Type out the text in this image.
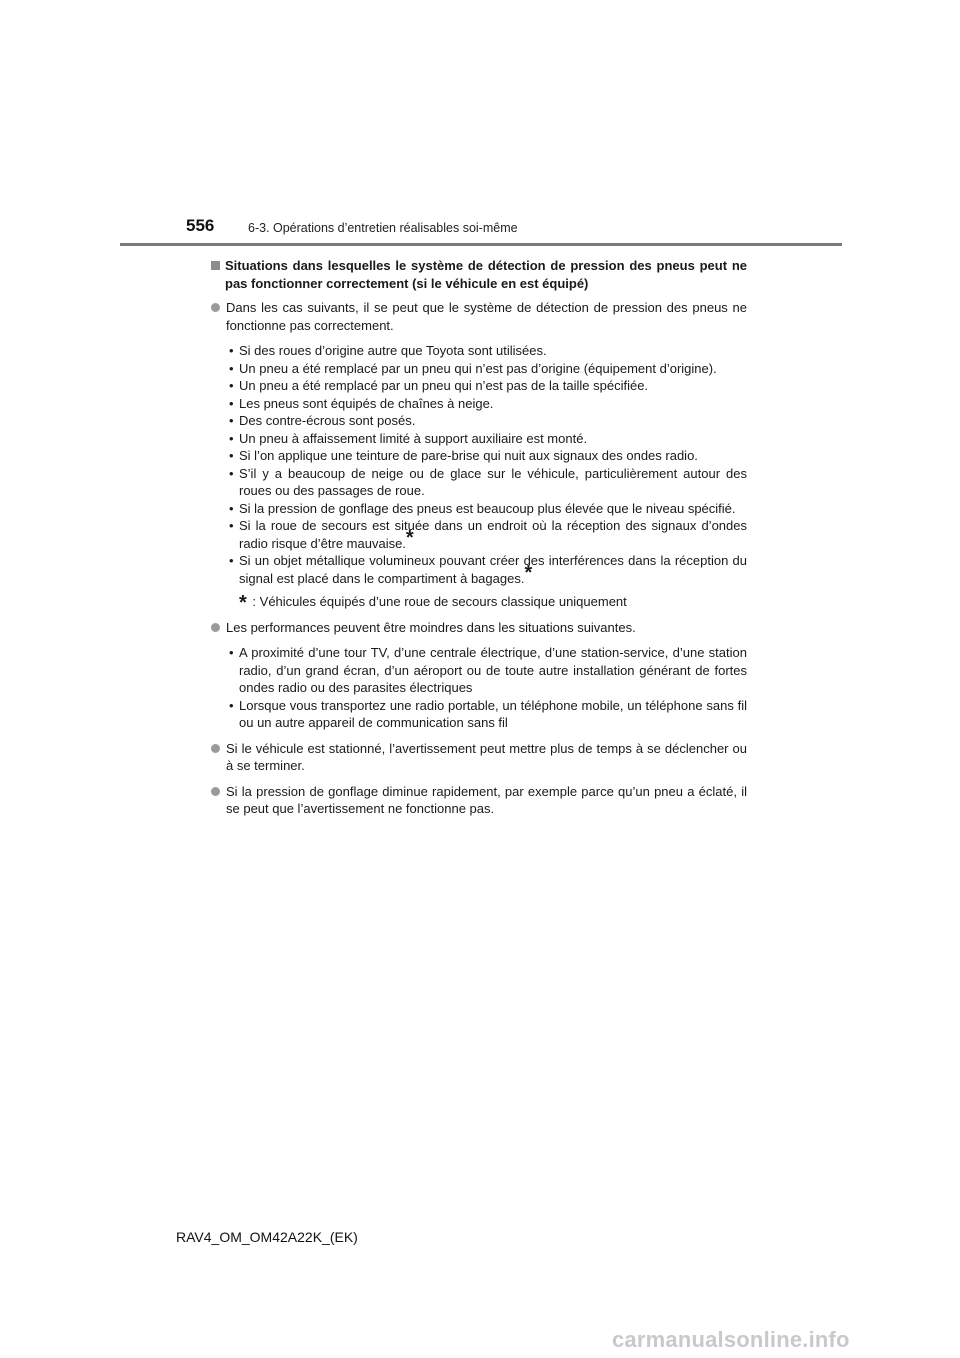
556	6-3. Opérations d’entretien réalisables soi-même
Situations dans lesquelles le système de détection de pression des pneus peut ne pas fonctionner correctement (si le véhicule en est équipé)
Dans les cas suivants, il se peut que le système de détection de pression des pneus ne fonctionne pas correctement.
• Si des roues d’origine autre que Toyota sont utilisées.
• Un pneu a été remplacé par un pneu qui n’est pas d’origine (équipement d’origine).
• Un pneu a été remplacé par un pneu qui n’est pas de la taille spécifiée.
• Les pneus sont équipés de chaînes à neige.
• Des contre-écrous sont posés.
• Un pneu à affaissement limité à support auxiliaire est monté.
• Si l’on applique une teinture de pare-brise qui nuit aux signaux des ondes radio.
• S’il y a beaucoup de neige ou de glace sur le véhicule, particulièrement autour des roues ou des passages de roue.
• Si la pression de gonflage des pneus est beaucoup plus élevée que le niveau spécifié.
• Si la roue de secours est située dans un endroit où la réception des signaux d’ondes radio risque d’être mauvaise.*
• Si un objet métallique volumineux pouvant créer des interférences dans la réception du signal est placé dans le compartiment à bagages.*
* : Véhicules équipés d’une roue de secours classique uniquement
Les performances peuvent être moindres dans les situations suivantes.
• A proximité d’une tour TV, d’une centrale électrique, d’une station-service, d’une station radio, d’un grand écran, d’un aéroport ou de toute autre installation générant de fortes ondes radio ou des parasites électriques
• Lorsque vous transportez une radio portable, un téléphone mobile, un téléphone sans fil ou un autre appareil de communication sans fil
Si le véhicule est stationné, l’avertissement peut mettre plus de temps à se déclencher ou à se terminer.
Si la pression de gonflage diminue rapidement, par exemple parce qu’un pneu a éclaté, il se peut que l’avertissement ne fonctionne pas.
RAV4_OM_OM42A22K_(EK)
carmanualsonline.info
